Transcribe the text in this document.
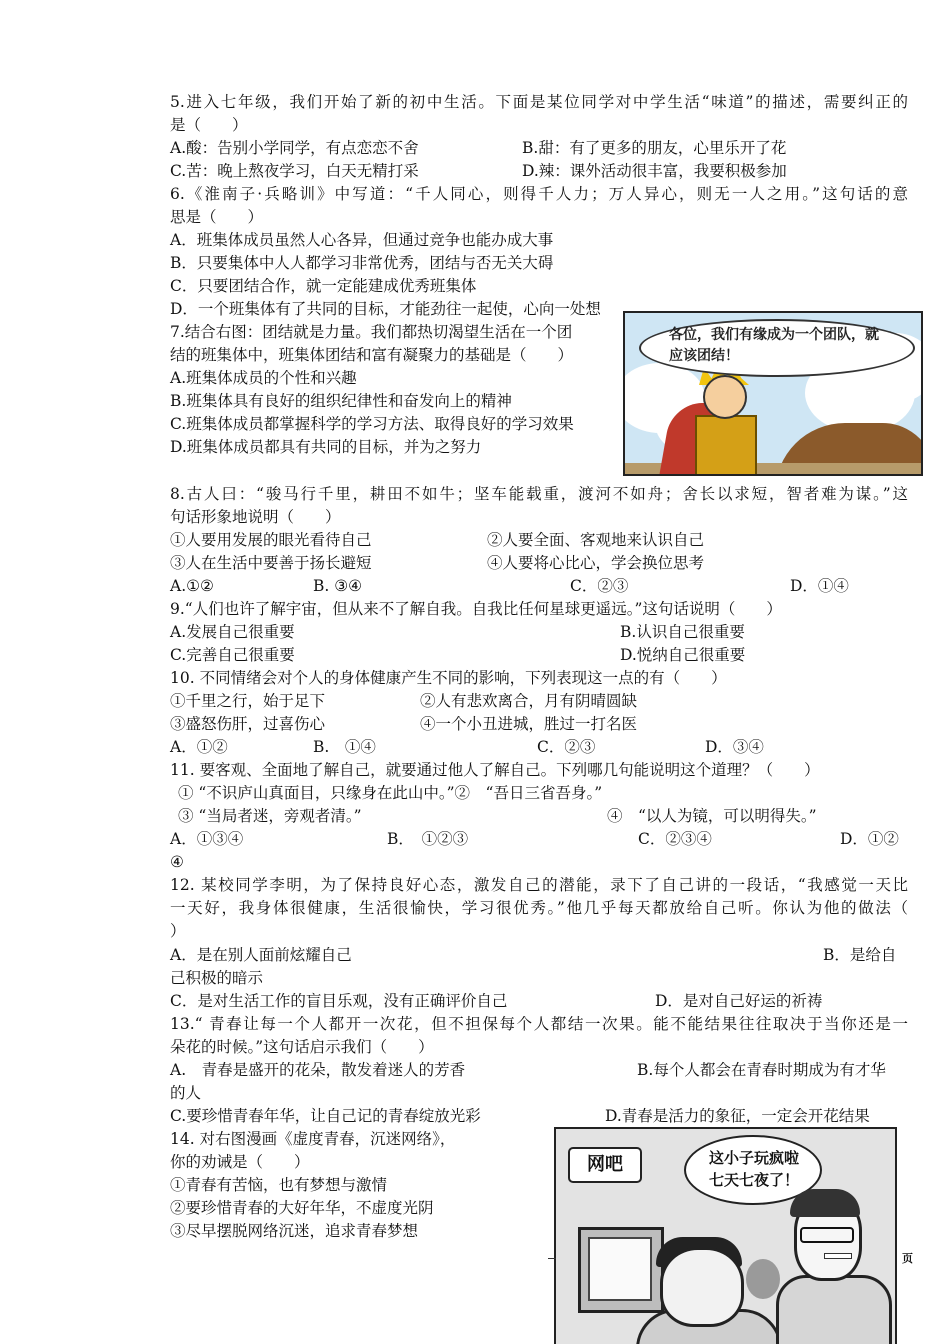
5.进入七年级，我们开始了新的初中生活。下面是某位同学对中学生活“味道”的描述，需要纠正的
是（　　）
A.酸：告别小学同学，有点恋恋不舍	B.甜：有了更多的朋友，心里乐开了花
C.苦：晚上熬夜学习，白天无精打采	D.辣：课外活动很丰富，我要积极参加
6.《淮南子·兵略训》中写道：“千人同心，则得千人力；万人异心，则无一人之用。”这句话的意
思是（　　）
A．班集体成员虽然人心各异，但通过竞争也能办成大事
B．只要集体中人人都学习非常优秀，团结与否无关大碍
C．只要团结合作，就一定能建成优秀班集体
D．一个班集体有了共同的目标，才能劲往一起使，心向一处想
7.结合右图：团结就是力量。我们都热切渴望生活在一个团
结的班集体中，班集体团结和富有凝聚力的基础是（　　）
A.班集体成员的个性和兴趣
B.班集体具有良好的组织纪律性和奋发向上的精神
C.班集体成员都掌握科学的学习方法、取得良好的学习效果
D.班集体成员都具有共同的目标，并为之努力
各位，我们有缘成为一个团队，就应该团结！
8.古人曰：“骏马行千里，耕田不如牛；坚车能载重，渡河不如舟；舍长以求短，智者难为谋。”这
句话形象地说明（　　）
①人要用发展的眼光看待自己	②人要全面、客观地来认识自己
③人在生活中要善于扬长避短	④人要将心比心，学会换位思考
A.①②	B. ③④	C．②③	D．①④
9.“人们也许了解宇宙，但从来不了解自我。自我比任何星球更遥远。”这句话说明（　　）
A.发展自己很重要	B.认识自己很重要
C.完善自己很重要	D.悦纳自己很重要
10. 不同情绪会对个人的身体健康产生不同的影响，下列表现这一点的有（　　）
①千里之行，始于足下	②人有悲欢离合，月有阴晴圆缺
③盛怒伤肝，过喜伤心	④一个小丑进城，胜过一打名医
A．①②	B.　①④	C．②③	D．③④
11. 要客观、全面地了解自己，就要通过他人了解自己。下列哪几句能说明这个道理？（　　）
① “不识庐山真面目，只缘身在此山中。”②　“吾日三省吾身。”
③ “当局者迷，旁观者清。”	④　“以人为镜，可以明得失。”
A．①③④	B．　①②③	C．②③④	D．①②
④
12. 某校同学李明，为了保持良好心态，激发自己的潜能，录下了自己讲的一段话，“我感觉一天比
一天好，我身体很健康，生活很愉快，学习很优秀。”他几乎每天都放给自己听。你认为他的做法（
）
A．是在别人面前炫耀自己	B．是给自
己积极的暗示
C．是对生活工作的盲目乐观，没有正确评价自己	D．是对自己好运的祈祷
13.“ 青春让每一个人都开一次花，但不担保每个人都结一次果。能不能结果往往取决于当你还是一
朵花的时候。”这句话启示我们（　　）
A.　青春是盛开的花朵，散发着迷人的芳香	B.每个人都会在青春时期成为有才华
的人
C.要珍惜青春年华，让自己记的青春绽放光彩	D.青春是活力的象征，一定会开花结果
14. 对右图漫画《虚度青春，沉迷网络》，
你的劝诫是（　　）
①青春有苦恼，也有梦想与激情
②要珍惜青春的大好年华，不虚度光阴
③尽早摆脱网络沉迷，追求青春梦想
网吧	这小子玩疯啦
七天七夜了！
页
